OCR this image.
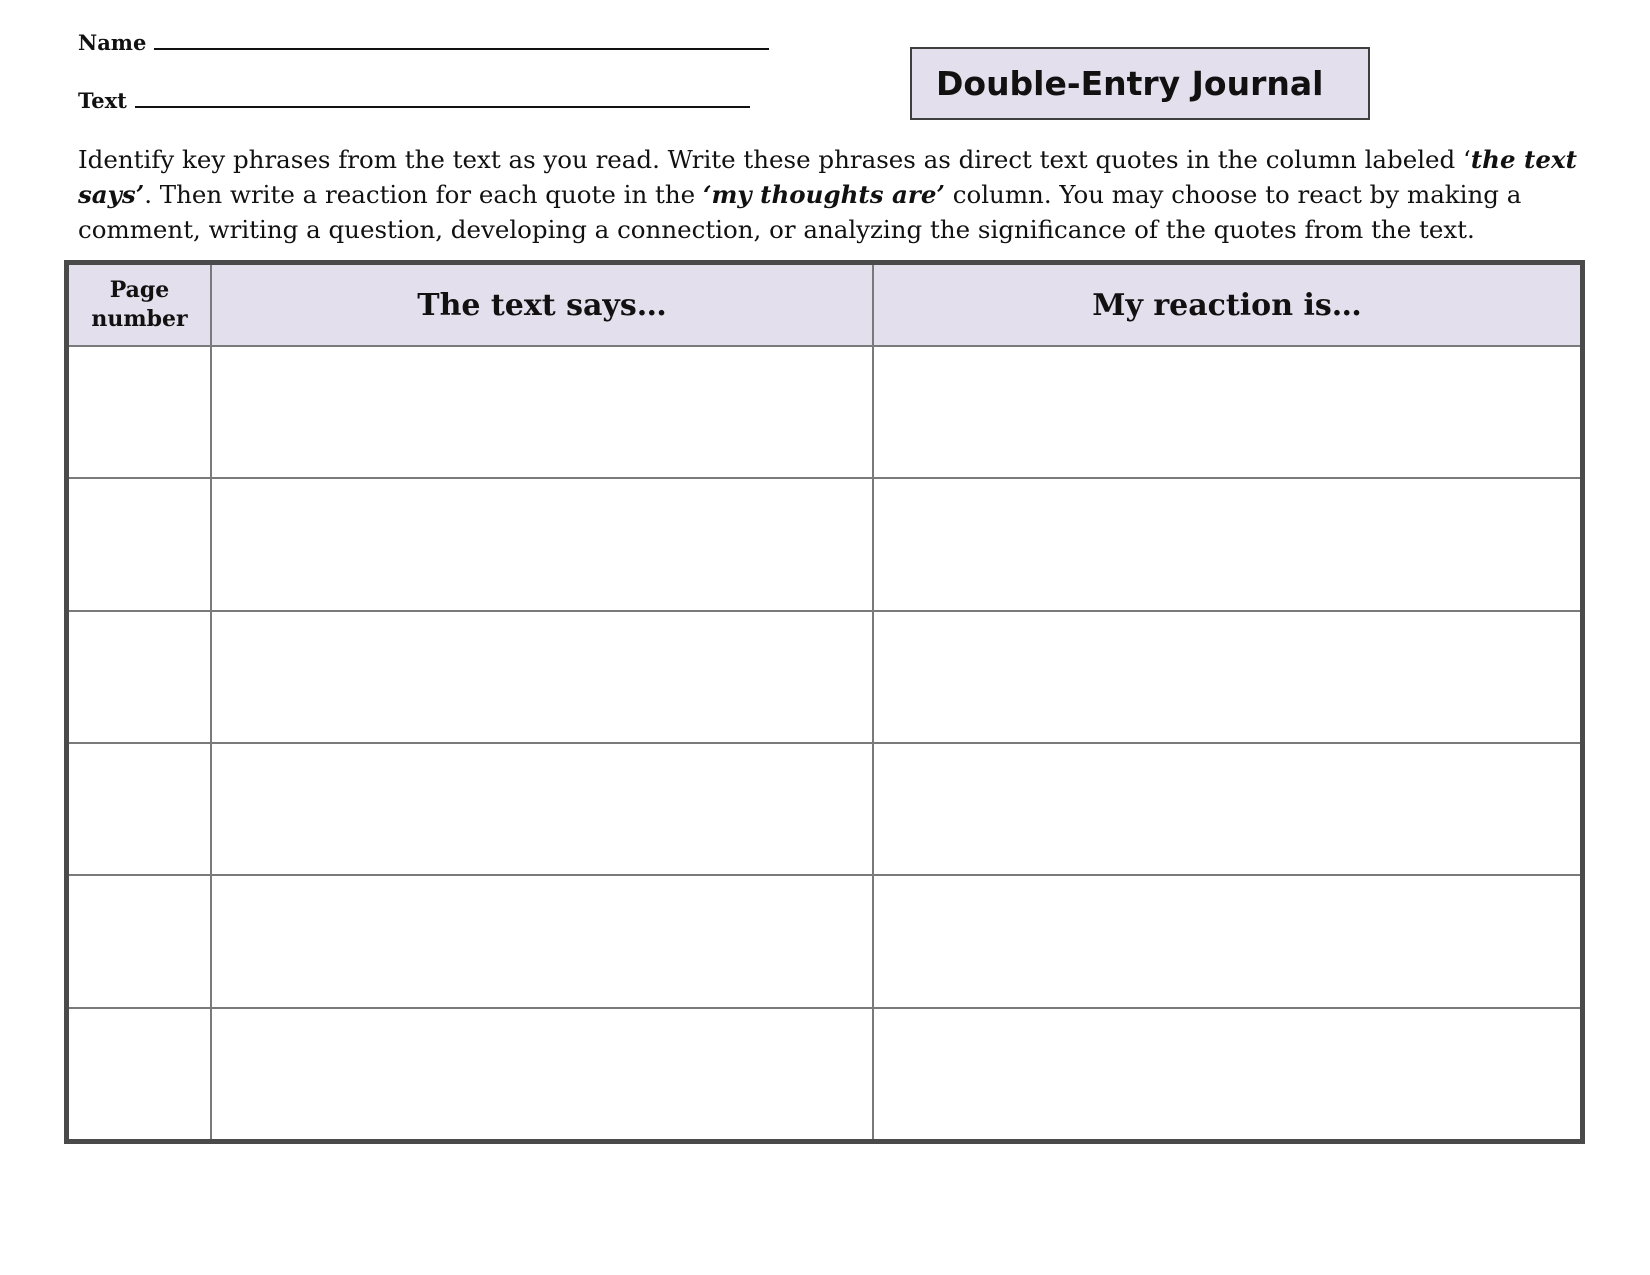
Name
Text	Double-Entry Journal
Identify key phrases from the text as you read. Write these phrases as direct text quotes in the column labeled ‘the text says’. Then write a reaction for each quote in the ‘my thoughts are’ column. You may choose to react by making a comment, writing a question, developing a connection, or analyzing the significance of the quotes from the text.
Page
number	The text says…	My reaction is…
